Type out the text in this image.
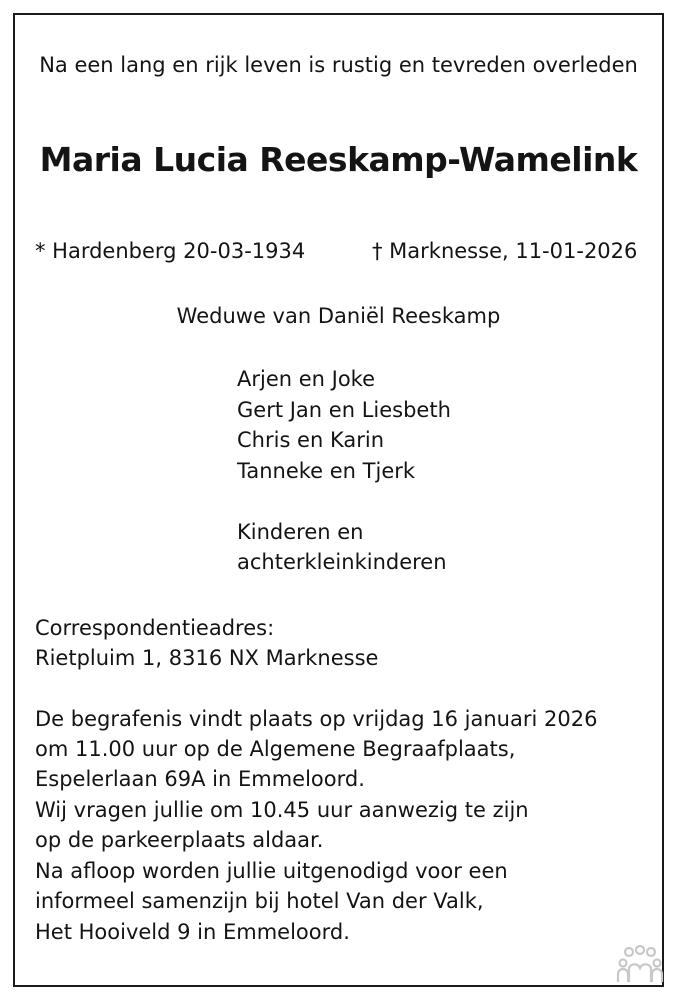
Na een lang en rijk leven is rustig en tevreden overleden
Maria Lucia Reeskamp-Wamelink
* Hardenberg 20-03-1934	† Marknesse, 11-01-2026
Weduwe van Daniël Reeskamp
Arjen en Joke
Gert Jan en Liesbeth
Chris en Karin
Tanneke en Tjerk
Kinderen en
achterkleinkinderen
Correspondentieadres:
Rietpluim 1, 8316 NX Marknesse
De begrafenis vindt plaats op vrijdag 16 januari 2026
om 11.00 uur op de Algemene Begraafplaats,
Espelerlaan 69A in Emmeloord.
Wij vragen jullie om 10.45 uur aanwezig te zijn
op de parkeerplaats aldaar.
Na afloop worden jullie uitgenodigd voor een
informeel samenzijn bij hotel Van der Valk,
Het Hooiveld 9 in Emmeloord.
